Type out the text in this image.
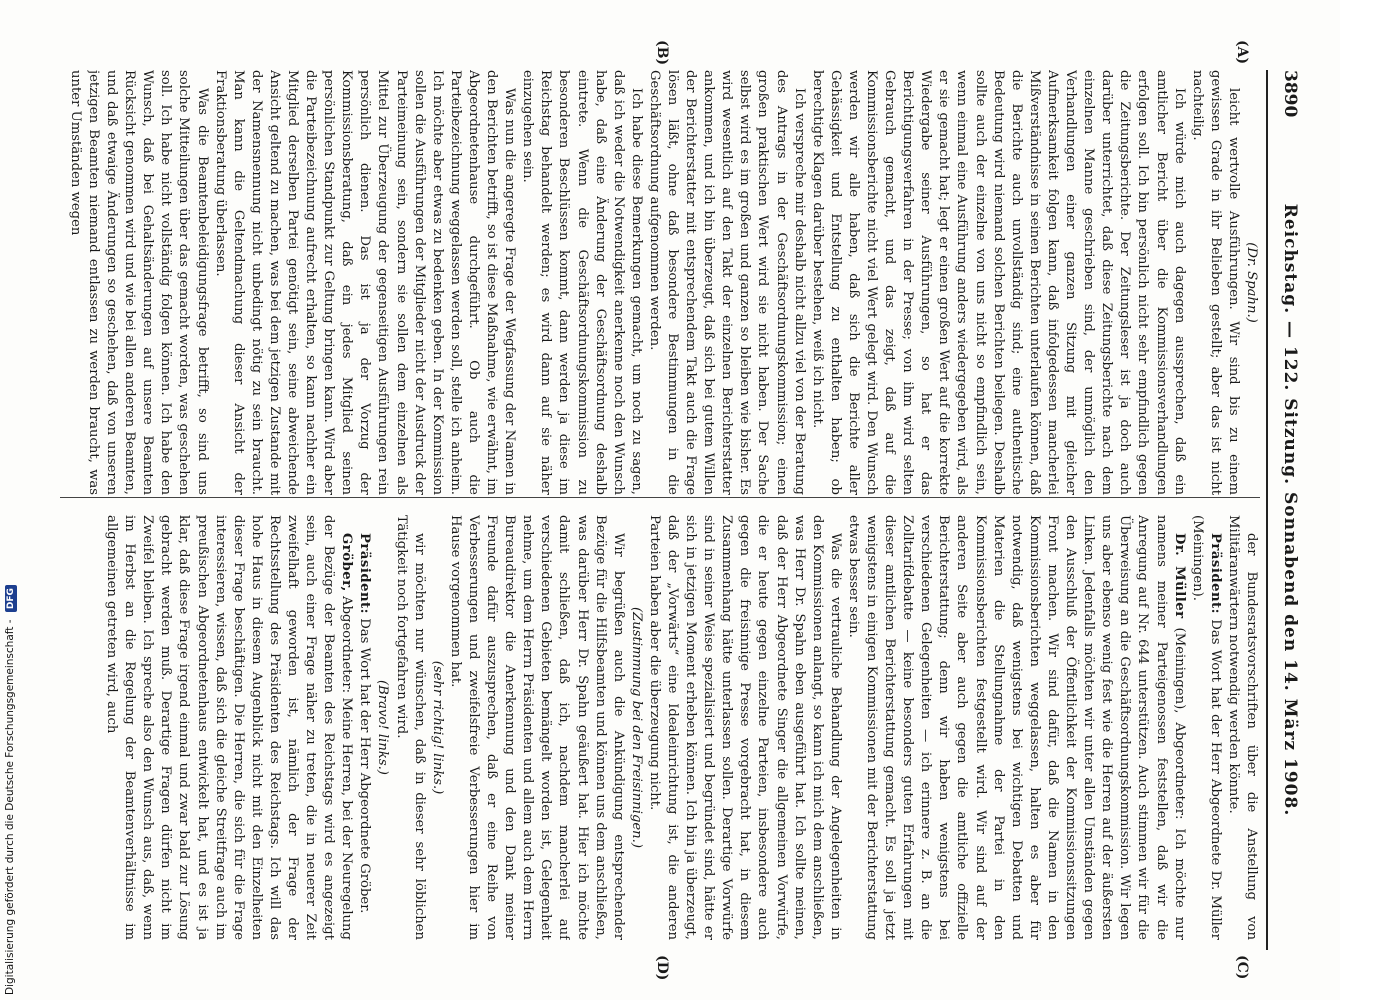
3890
Reichstag. — 122. Sitzung. Sonnabend den 14. März 1908.
(A)
(B)
(C)
(D)

(Dr. Spahn.)

leicht wertvolle Ausführungen. Wir sind bis zu einem gewissen Grade in ihr Belieben gestellt; aber das ist nicht nachteilig.

Ich würde mich auch dagegen aussprechen, daß ein amtlicher Bericht über die Kommissionsverhandlungen erfolgen soll. Ich bin persönlich nicht sehr empfindlich gegen die Zeitungsberichte. Der Zeitungsleser ist ja doch auch darüber unterrichtet, daß diese Zeitungsberichte nach dem einzelnen Manne geschrieben sind, der unmöglich den Verhandlungen einer ganzen Sitzung mit gleicher Aufmerksamkeit folgen kann, daß infolgedessen mancherlei Mißverständnisse in seinen Berichten unterlaufen können, daß die Berichte auch unvollständig sind; eine authentische Bedeutung wird niemand solchen Berichten beilegen. Deshalb sollte auch der einzelne von uns nicht so empfindlich sein, wenn einmal eine Ausführung anders wiedergegeben wird, als er sie gemacht hat; legt er einen großen Wert auf die korrekte Wiedergabe seiner Ausführungen, so hat er das Berichtigungsverfahren in der Presse; von ihm wird selten Gebrauch gemacht, und das zeigt, daß auf die Kommissionsberichte nicht viel Wert gelegt wird. Den Wunsch werden wir alle haben, daß sich die Berichte aller Gehässigkeit und Entstellung zu enthalten haben; ob berechtigte Klagen darüber bestehen, weiß ich nicht.

Ich verspreche mir deshalb nicht allzu viel von der Beratung des Antrags in der Geschäftsordnungskommission; einen großen praktischen Wert wird sie nicht haben. Der Sache selbst wird es im großen und ganzen so bleiben wie bisher. Es wird wesentlich auf den Takt der einzelnen Berichterstatter ankommen, und ich bin überzeugt, daß sich bei gutem Willen der Berichterstatter mit entsprechendem Takt auch die Frage lösen läßt, ohne daß besondere Bestimmungen in die Geschäftsordnung aufgenommen werden.

Ich habe diese Bemerkungen gemacht, um noch zu sagen, daß ich weder die Notwendigkeit anerkenne noch den Wunsch habe, daß eine Änderung der Geschäftsordnung deshalb eintrete. Wenn die Geschäftsordnungskommission zu besonderen Beschlüssen kommt, dann werden ja diese im Reichstag behandelt werden; es wird dann auf sie näher einzugehen sein.

Was nun die angeregte Frage der Wegfassung der Namen in den Berichten betrifft, so ist diese Maßnahme, wie erwähnt, im Abgeordnetenhause durchgeführt. Ob auch die Parteibezeichnung weggelassen werden soll, stelle ich anheim. Ich möchte aber etwas zu bedenken geben. In der Kommission sollen die Ausführungen der Mitglieder nicht der Ausdruck der Parteimeinung sein, sondern sie sollen dem einzelnen als Mittel zur Überzeugung der gegenseitigen Ausführungen rein persönlich dienen. Das ist ja der Vorzug der Kommissionsberatung, daß ein jedes Mitglied seinen persönlichen Standpunkt zur Geltung bringen kann. Wird aber die Parteibezeichnung aufrecht erhalten, so kann nachher ein Mitglied derselben Partei genötigt sein, seine abweichende Ansicht geltend zu machen, was bei dem jetzigen Zustande mit der Namensnennung nicht unbedingt nötig zu sein braucht. Man kann die Geltendmachung dieser Ansicht der Fraktionsberatung überlassen.

Was die Beamtenbeleidigungsfrage betrifft, so sind uns solche Mitteilungen über das gemacht worden, was geschehen soll. Ich habe nicht vollständig folgen können. Ich habe den Wunsch, daß bei Gehaltsänderungen auf unsere Beamten Rücksicht genommen wird und wie bei allen anderen Beamten, und daß etwaige Änderungen so geschehen, daß von unseren jetzigen Beamten niemand entlassen zu werden braucht, was unter Umständen wegen

der Bundesratsvorschriften über die Anstellung von Militäranwärtern notwendig werden könnte.

Präsident: Das Wort hat der Herr Abgeordnete Dr. Müller (Meiningen).

Dr. Müller (Meiningen), Abgeordneter: Ich möchte nur namens meiner Parteigenossen feststellen, daß wir die Anregung auf Nr. 644 unterstützen. Auch stimmen wir für die Überweisung an die Geschäftsordnungskommission. Wir legen uns aber ebenso wenig fest wie die Herren auf der äußersten Linken. Jedenfalls möchten wir unter allen Umständen gegen den Ausschluß der Öffentlichkeit der Kommissionssitzungen Front machen. Wir sind dafür, daß die Namen in den Kommissionsberichten weggelassen, halten es aber für notwendig, daß wenigstens bei wichtigen Debatten und Materien die Stellungnahme der Partei in den Kommissionsberichten festgestellt wird. Wir sind auf der anderen Seite aber auch gegen die amtliche offizielle Berichterstattung; denn wir haben wenigstens bei verschiedenen Gelegenheiten — ich erinnere z. B. an die Zolltarifdebatte — keine besonders guten Erfahrungen mit dieser amtlichen Berichterstattung gemacht. Es soll ja jetzt wenigstens in einigen Kommissionen mit der Berichterstattung etwas besser sein.

Was die vertrauliche Behandlung der Angelegenheiten in den Kommissionen anlangt, so kann ich mich dem anschließen, was Herr Dr. Spahn eben ausgeführt hat. Ich sollte meinen, daß der Herr Abgeordnete Singer die allgemeinen Vorwürfe, die er heute gegen einzelne Parteien, insbesondere auch gegen die freisinnige Presse vorgebracht hat, in diesem Zusammenhang hätte unterlassen sollen. Derartige Vorwürfe sind in seiner Weise spezialisiert und begründet sind, hätte er sich in jetzigen Moment erheben können. Ich bin ja überzeugt, daß der „Vorwärts“ eine Idealeinrichtung ist, die anderen Parteien haben aber die überzeugung nicht.

(Zustimmung bei den Freisinnigen.)

Wir begrüßen auch die Ankündigung entsprechender Bezüge für die Hilfsbeamten und können uns dem anschließen, was darüber Herr Dr. Spahn geäußert hat. Hier ich möchte damit schließen, daß ich, nachdem mancherlei auf verschiedenen Gebieten bemängelt worden ist, Gelegenheit nehme, um dem Herrn Präsidenten und allem auch dem Herrn Bureaudirektor die Anerkennung und den Dank meiner Freunde dafür auszusprechen, daß er eine Reihe von Verbesserungen und zweifelsfreie Verbesserungen hier im Hause vorgenommen hat.

(sehr richtig! links.)

wir möchten nur wünschen, daß in dieser sehr löblichen Tätigkeit noch fortgefahren wird.

(Bravo! links.)

Präsident: Das Wort hat der Herr Abgeordnete Gröber.

Gröber, Abgeordneter: Meine Herren, bei der Neuregelung der Bezüge der Beamten des Reichstags wird es angezeigt sein, auch einer Frage näher zu treten, die in neuerer Zeit zweifelhaft geworden ist, nämlich der Frage der Rechtsstellung des Präsidenten des Reichstags. Ich will das hohe Haus in diesem Augenblick nicht mit den Einzelheiten dieser Frage beschäftigen. Die Herren, die sich für die Frage interessieren, wissen, daß sich die gleiche Streitfrage auch im preußischen Abgeordnetenhaus entwickelt hat, und es ist ja klar, daß diese Frage irgend einmal und zwar bald zur Lösung gebracht werden muß. Derartige Fragen dürfen nicht im Zweifel bleiben. Ich spreche also den Wunsch aus, daß, wenn im Herbst an die Regelung der Beamtenverhältnisse im allgemeinen getreten wird, auch

Digitalisierung gefördert durch die Deutsche Forschungsgemeinschaft - DFG
